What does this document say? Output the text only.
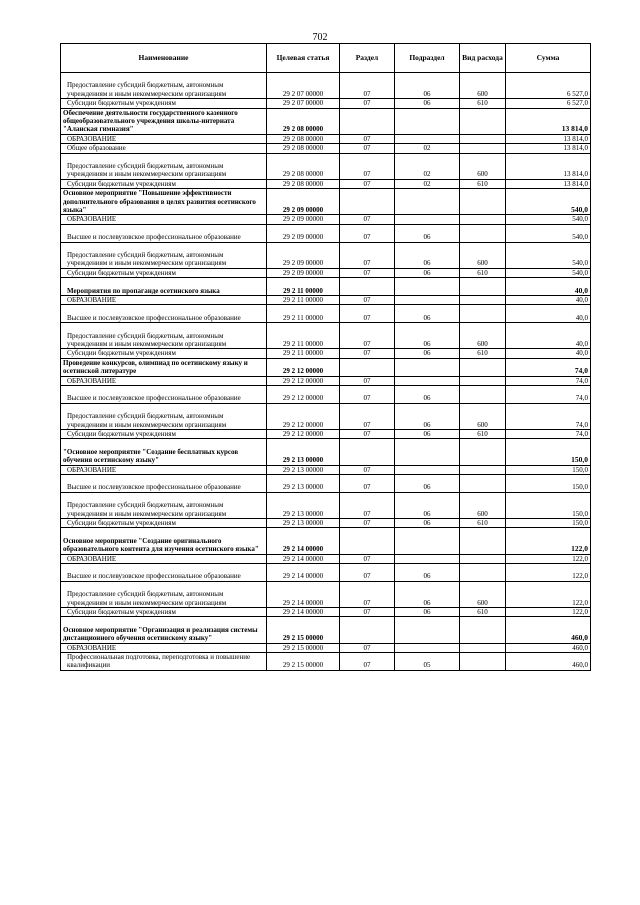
702
Наименование	Целевая статья	Раздел	Подраздел	Вид расхода	Сумма
Предоставление субсидий бюджетным, автономным учреждениям и иным некоммерческим организациям	29 2 07 00000	07	06	600	6 527,0
Субсидии бюджетным учреждениям	29 2 07 00000	07	06	610	6 527,0
Обеспечение деятельности государственного казенного общеобразовательного учреждения школы-интерната "Аланская гимназия"	29 2 08 00000				13 814,0
ОБРАЗОВАНИЕ	29 2 08 00000	07			13 814,0
Общее образование	29 2 08 00000	07	02		13 814,0
Предоставление субсидий бюджетным, автономным учреждениям и иным некоммерческим организациям	29 2 08 00000	07	02	600	13 814,0
Субсидии бюджетным учреждениям	29 2 08 00000	07	02	610	13 814,0
Основное мероприятие "Повышение эффективности дополнительного образования в целях развития осетинского языка"	29 2 09 00000				540,0
ОБРАЗОВАНИЕ	29 2 09 00000	07			540,0
Высшее и послевузовское профессиональное образование	29 2 09 00000	07	06		540,0
Предоставление субсидий бюджетным, автономным учреждениям и иным некоммерческим организациям	29 2 09 00000	07	06	600	540,0
Субсидии бюджетным учреждениям	29 2 09 00000	07	06	610	540,0
Мероприятия по пропаганде осетинского языка	29 2 11 00000				40,0
ОБРАЗОВАНИЕ	29 2 11 00000	07			40,0
Высшее и послевузовское профессиональное образование	29 2 11 00000	07	06		40,0
Предоставление субсидий бюджетным, автономным учреждениям и иным некоммерческим организациям	29 2 11 00000	07	06	600	40,0
Субсидии бюджетным учреждениям	29 2 11 00000	07	06	610	40,0
Проведение конкурсов, олимпиад по осетинскому языку и осетинской литературе	29 2 12 00000				74,0
ОБРАЗОВАНИЕ	29 2 12 00000	07			74,0
Высшее и послевузовское профессиональное образование	29 2 12 00000	07	06		74,0
Предоставление субсидий бюджетным, автономным учреждениям и иным некоммерческим организациям	29 2 12 00000	07	06	600	74,0
Субсидии бюджетным учреждениям	29 2 12 00000	07	06	610	74,0
"Основное мероприятие "Создание бесплатных курсов обучения осетинскому языку"	29 2 13 00000				150,0
ОБРАЗОВАНИЕ	29 2 13 00000	07			150,0
Высшее и послевузовское профессиональное образование	29 2 13 00000	07	06		150,0
Предоставление субсидий бюджетным, автономным учреждениям и иным некоммерческим организациям	29 2 13 00000	07	06	600	150,0
Субсидии бюджетным учреждениям	29 2 13 00000	07	06	610	150,0
Основное мероприятие "Создание оригинального образовательного контента для изучения осетинского языка"	29 2 14 00000				122,0
ОБРАЗОВАНИЕ	29 2 14 00000	07			122,0
Высшее и послевузовское профессиональное образование	29 2 14 00000	07	06		122,0
Предоставление субсидий бюджетным, автономным учреждениям и иным некоммерческим организациям	29 2 14 00000	07	06	600	122,0
Субсидии бюджетным учреждениям	29 2 14 00000	07	06	610	122,0
Основное мероприятие "Организация и реализация системы дистанционного обучения осетинскому языку"	29 2 15 00000				460,0
ОБРАЗОВАНИЕ	29 2 15 00000	07			460,0
Профессиональная подготовка, переподготовка и повышение квалификации	29 2 15 00000	07	05		460,0
